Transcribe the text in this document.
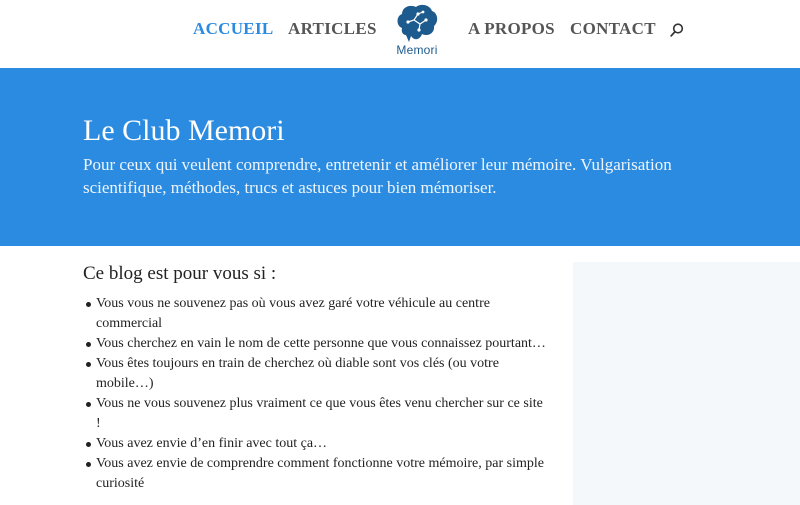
ACCUEIL ARTICLES
Memori
A PROPOS CONTACT
Le Club Memori

Pour ceux qui veulent comprendre, entretenir et améliorer leur mémoire. Vulgarisation scientifique, méthodes, trucs et astuces pour bien mémoriser.

Ce blog est pour vous si :
Vous vous ne souvenez pas où vous avez garé votre véhicule au centre commercial
Vous cherchez en vain le nom de cette personne que vous connaissez pourtant…
Vous êtes toujours en train de cherchez où diable sont vos clés (ou votre mobile…)
Vous ne vous souvenez plus vraiment ce que vous êtes venu chercher sur ce site !
Vous avez envie d’en finir avec tout ça…
Vous avez envie de comprendre comment fonctionne votre mémoire, par simple curiosité
